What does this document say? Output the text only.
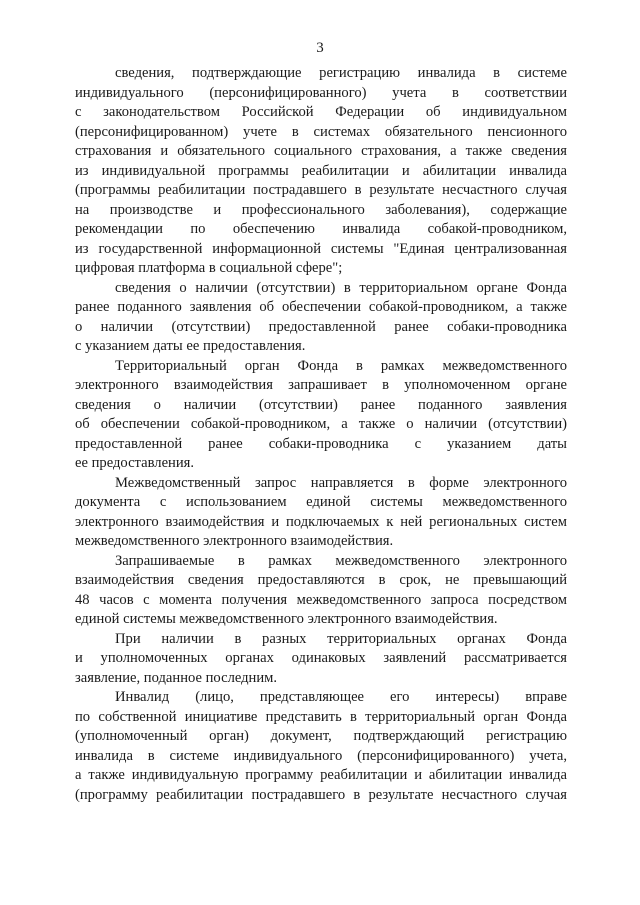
3
сведения, подтверждающие регистрацию инвалида в системе
индивидуального (персонифицированного) учета в соответствии
с законодательством Российской Федерации об индивидуальном
(персонифицированном) учете в системах обязательного пенсионного
страхования и обязательного социального страхования, а также сведения
из индивидуальной программы реабилитации и абилитации инвалида
(программы реабилитации пострадавшего в результате несчастного случая
на производстве и профессионального заболевания), содержащие
рекомендации по обеспечению инвалида собакой-проводником,
из государственной информационной системы "Единая централизованная
цифровая платформа в социальной сфере";
сведения о наличии (отсутствии) в территориальном органе Фонда
ранее поданного заявления об обеспечении собакой-проводником, а также
о наличии (отсутствии) предоставленной ранее собаки-проводника
с указанием даты ее предоставления.
Территориальный орган Фонда в рамках межведомственного
электронного взаимодействия запрашивает в уполномоченном органе
сведения о наличии (отсутствии) ранее поданного заявления
об обеспечении собакой-проводником, а также о наличии (отсутствии)
предоставленной ранее собаки-проводника с указанием даты
ее предоставления.
Межведомственный запрос направляется в форме электронного
документа с использованием единой системы межведомственного
электронного взаимодействия и подключаемых к ней региональных систем
межведомственного электронного взаимодействия.
Запрашиваемые в рамках межведомственного электронного
взаимодействия сведения предоставляются в срок, не превышающий
48 часов с момента получения межведомственного запроса посредством
единой системы межведомственного электронного взаимодействия.
При наличии в разных территориальных органах Фонда
и уполномоченных органах одинаковых заявлений рассматривается
заявление, поданное последним.
Инвалид (лицо, представляющее его интересы) вправе
по собственной инициативе представить в территориальный орган Фонда
(уполномоченный орган) документ, подтверждающий регистрацию
инвалида в системе индивидуального (персонифицированного) учета,
а также индивидуальную программу реабилитации и абилитации инвалида
(программу реабилитации пострадавшего в результате несчастного случая
